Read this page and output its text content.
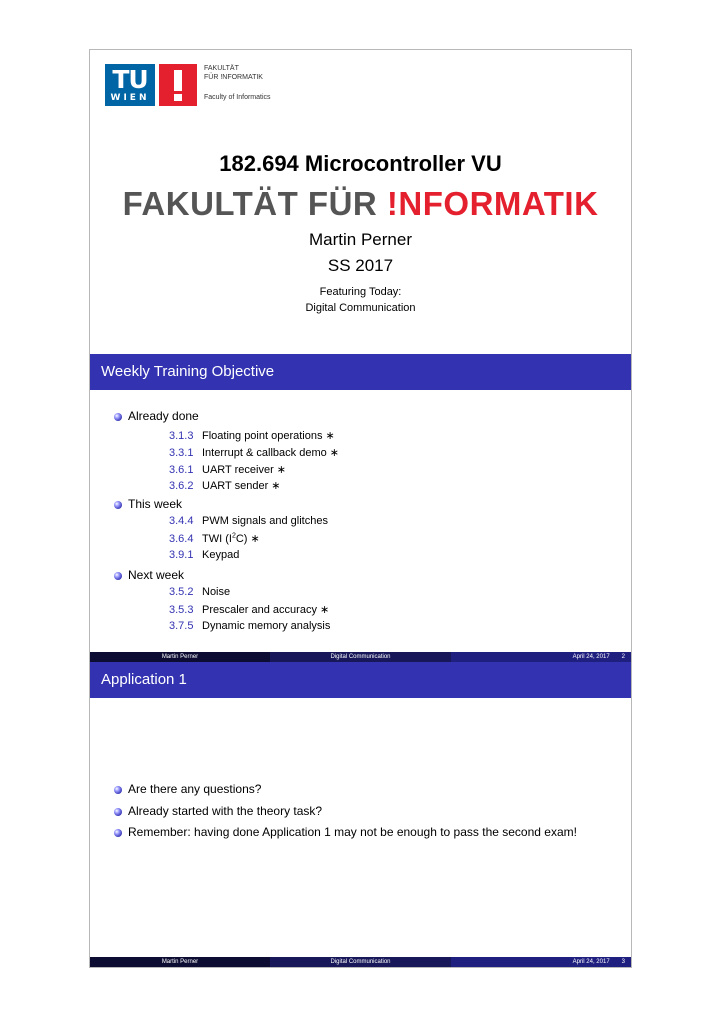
TU
WIEN
FAKULTÄT
FÜR !NFORMATIK
Faculty of Informatics
182.694 Microcontroller VU
FAKULTÄT FÜR !NFORMATIK
Martin Perner
SS 2017
Featuring Today:
Digital Communication
Weekly Training Objective
Already done
3.1.3 Floating point operations ∗
3.3.1 Interrupt & callback demo ∗
3.6.1 UART receiver ∗
3.6.2 UART sender ∗
This week
3.4.4 PWM signals and glitches
3.6.4 TWI $(I^2C)$ ∗
3.9.1 Keypad
Next week
3.5.2 Noise
3.5.3 Prescaler and accuracy ∗
3.7.5 Dynamic memory analysis
Martin Perner	Digital Communication	April 24, 2017 2
Application 1
Are there any questions?
Already started with the theory task?
Remember: having done Application 1 may not be enough to pass the second exam!
Martin Perner	Digital Communication	April 24, 2017 3
